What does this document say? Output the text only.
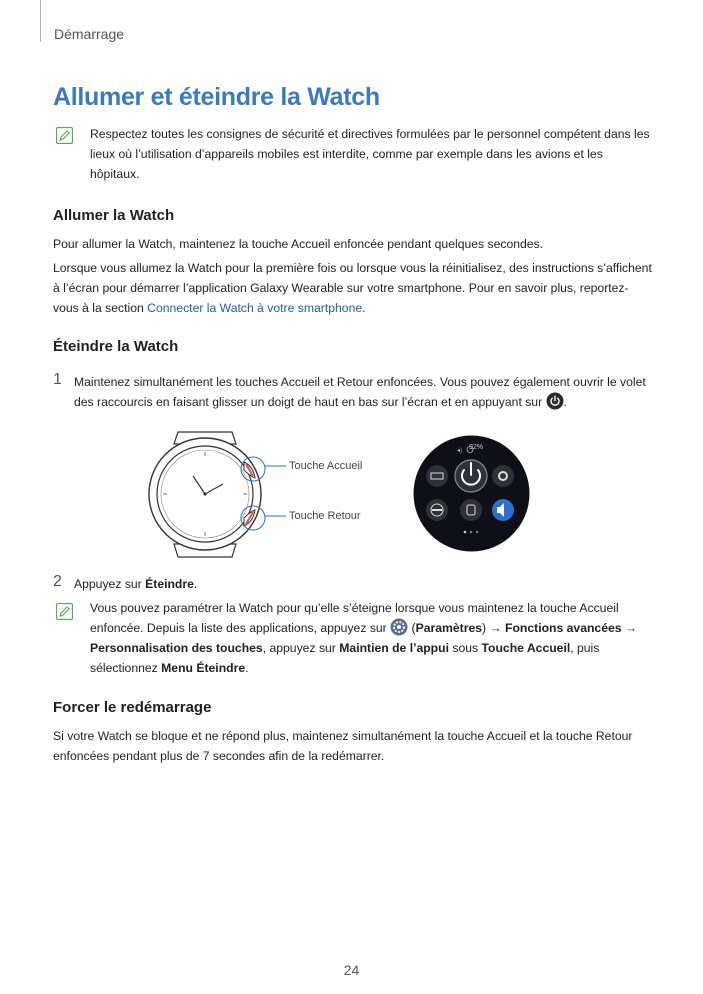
Démarrage
Allumer et éteindre la Watch
Respectez toutes les consignes de sécurité et directives formulées par le personnel compétent dans les lieux où l’utilisation d’appareils mobiles est interdite, comme par exemple dans les avions et les hôpitaux.
Allumer la Watch
Pour allumer la Watch, maintenez la touche Accueil enfoncée pendant quelques secondes.
Lorsque vous allumez la Watch pour la première fois ou lorsque vous la réinitialisez, des instructions s’affichent à l’écran pour démarrer l’application Galaxy Wearable sur votre smartphone. Pour en savoir plus, reportez-vous à la section Connecter la Watch à votre smartphone.
Éteindre la Watch
1 Maintenez simultanément les touches Accueil et Retour enfoncées. Vous pouvez également ouvrir le volet des raccourcis en faisant glisser un doigt de haut en bas sur l’écran et en appuyant sur .
Touche Accueil
Touche Retour
◂) 92%
2 Appuyez sur Éteindre.
Vous pouvez paramétrer la Watch pour qu’elle s’éteigne lorsque vous maintenez la touche Accueil enfoncée. Depuis la liste des applications, appuyez sur  (Paramètres) → Fonctions avancées → Personnalisation des touches, appuyez sur Maintien de l’appui sous Touche Accueil, puis sélectionnez Menu Éteindre.
Forcer le redémarrage
Si votre Watch se bloque et ne répond plus, maintenez simultanément la touche Accueil et la touche Retour enfoncées pendant plus de 7 secondes afin de la redémarrer.
24
